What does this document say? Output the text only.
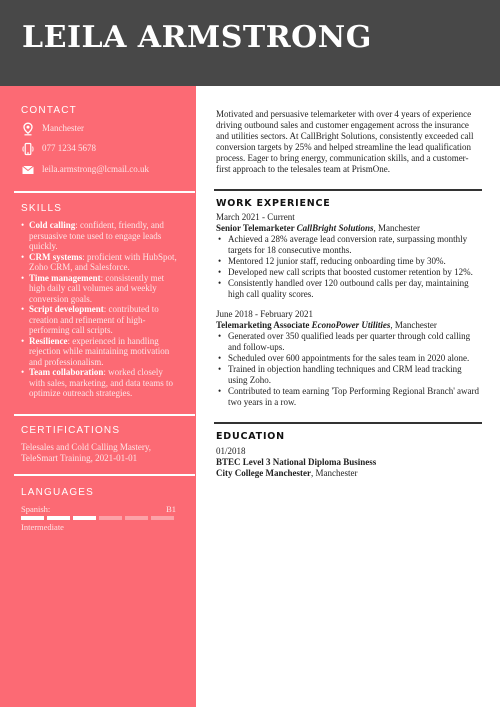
LEILA ARMSTRONG
CONTACT
Manchester
077 1234 5678
leila.armstrong@lcmail.co.uk
SKILLS
• Cold calling: confident, friendly, and persuasive tone used to engage leads quickly.
• CRM systems: proficient with HubSpot, Zoho CRM, and Salesforce.
• Time management: consistently met high daily call volumes and weekly conversion goals.
• Script development: contributed to creation and refinement of high-performing call scripts.
• Resilience: experienced in handling rejection while maintaining motivation and professionalism.
• Team collaboration: worked closely with sales, marketing, and data teams to optimize outreach strategies.
CERTIFICATIONS
Telesales and Cold Calling Mastery, TeleSmart Training, 2021-01-01
LANGUAGES
Spanish:	B1
Intermediate
Motivated and persuasive telemarketer with over 4 years of experience driving outbound sales and customer engagement across the insurance and utilities sectors. At CallBright Solutions, consistently exceeded call conversion targets by 25% and helped streamline the lead qualification process. Eager to bring energy, communication skills, and a customer-first approach to the telesales team at PrismOne.
WORK EXPERIENCE
March 2021 - Current
Senior Telemarketer CallBright Solutions, Manchester
• Achieved a 28% average lead conversion rate, surpassing monthly targets for 18 consecutive months.
• Mentored 12 junior staff, reducing onboarding time by 30%.
• Developed new call scripts that boosted customer retention by 12%.
• Consistently handled over 120 outbound calls per day, maintaining high call quality scores.
June 2018 - February 2021
Telemarketing Associate EconoPower Utilities, Manchester
• Generated over 350 qualified leads per quarter through cold calling and follow-ups.
• Scheduled over 600 appointments for the sales team in 2020 alone.
• Trained in objection handling techniques and CRM lead tracking using Zoho.
• Contributed to team earning 'Top Performing Regional Branch' award two years in a row.
EDUCATION
01/2018
BTEC Level 3 National Diploma Business
City College Manchester, Manchester
